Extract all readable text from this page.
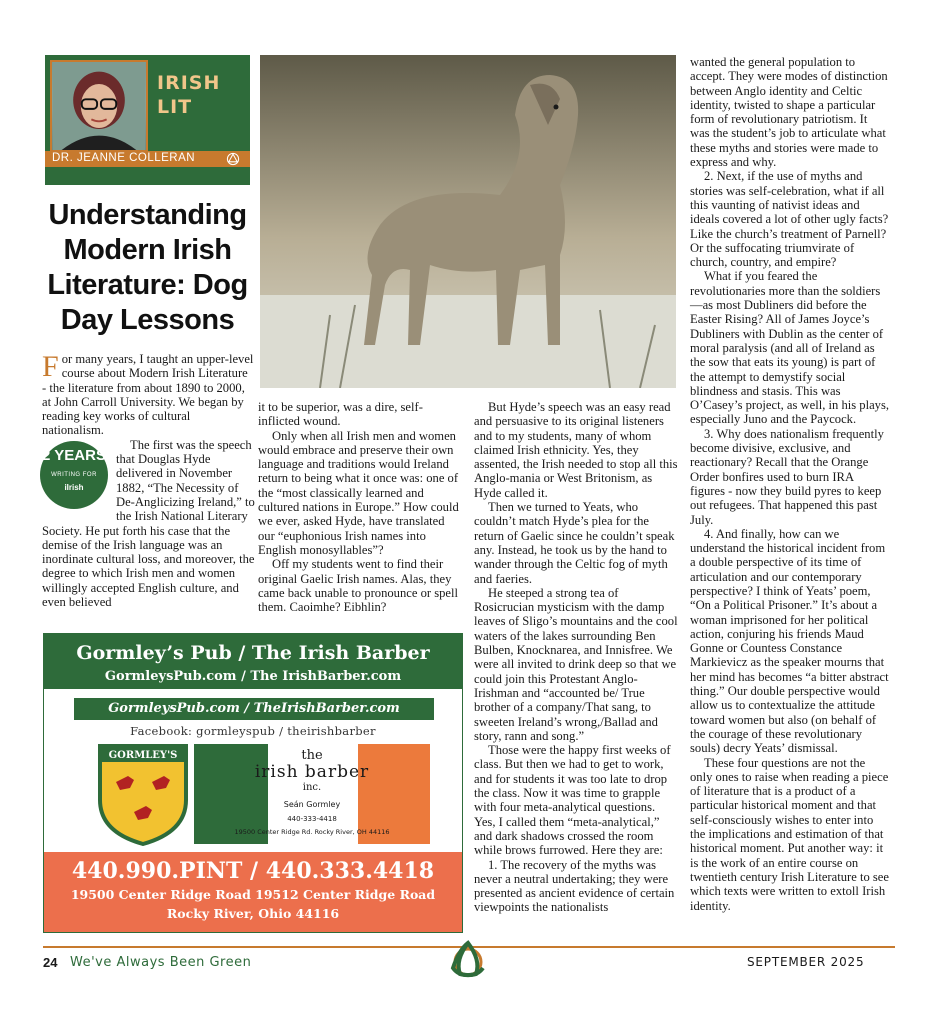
IRISH
LIT
DR. JEANNE COLLERAN
Understanding Modern Irish Literature: Dog Day Lessons

For many years, I taught an upper-level course about Modern Irish Literature - the literature from about 1890 to 2000, at John Carroll University. We began by reading key works of cultural nationalism.

2 YEARS
WRITING FOR
iIrish

The first was the speech that Douglas Hyde delivered in November 1882, “The Necessity of De-Anglicizing Ireland,” to the Irish National Literary Society. He put forth his case that the demise of the Irish language was an inordinate cultural loss, and moreover, the degree to which Irish men and women willingly accepted English culture, and even believed

it to be superior, was a dire, self-inflicted wound.

Only when all Irish men and women would embrace and preserve their own language and traditions would Ireland return to being what it once was: one of the “most classically learned and cultured nations in Europe.” How could we ever, asked Hyde, have translated our “euphonious Irish names into English monosyllables”?

Off my students went to find their original Gaelic Irish names. Alas, they came back unable to pronounce or spell them. Caoimhe? Eibhlin?

But Hyde’s speech was an easy read and persuasive to its original listeners and to my students, many of whom claimed Irish ethnicity. Yes, they assented, the Irish needed to stop all this Anglo-mania or West Britonism, as Hyde called it.

Then we turned to Yeats, who couldn’t match Hyde’s plea for the return of Gaelic since he couldn’t speak any. Instead, he took us by the hand to wander through the Celtic fog of myth and faeries.

He steeped a strong tea of Rosicrucian mysticism with the damp leaves of Sligo’s mountains and the cool waters of the lakes surrounding Ben Bulben, Knocknarea, and Innisfree. We were all invited to drink deep so that we could join this Protestant Anglo-Irishman and “accounted be/ True brother of a company/That sang, to sweeten Ireland’s wrong,/Ballad and story, rann and song.”

Those were the happy first weeks of class. But then we had to get to work, and for students it was too late to drop the class. Now it was time to grapple with four meta-analytical questions. Yes, I called them “meta-analytical,” and dark shadows crossed the room while brows furrowed. Here they are:

1. The recovery of the myths was never a neutral undertaking; they were presented as ancient evidence of certain viewpoints the nationalists

wanted the general population to accept. They were modes of distinction between Anglo identity and Celtic identity, twisted to shape a particular form of revolutionary patriotism. It was the student’s job to articulate what these myths and stories were made to express and why.

2. Next, if the use of myths and stories was self-celebration, what if all this vaunting of nativist ideas and ideals covered a lot of other ugly facts? Like the church’s treatment of Parnell? Or the suffocating triumvirate of church, country, and empire?

What if you feared the revolutionaries more than the soldiers—as most Dubliners did before the Easter Rising? All of James Joyce’s Dubliners with Dublin as the center of moral paralysis (and all of Ireland as the sow that eats its young) is part of the attempt to demystify social blindness and stasis. This was O’Casey’s project, as well, in his plays, especially Juno and the Paycock.

3. Why does nationalism frequently become divisive, exclusive, and reactionary? Recall that the Orange Order bonfires used to burn IRA figures - now they build pyres to keep out refugees. That happened this past July.

4. And finally, how can we understand the historical incident from a double perspective of its time of articulation and our contemporary perspective? I think of Yeats’ poem, “On a Political Prisoner.” It’s about a woman imprisoned for her political action, conjuring his friends Maud Gonne or Countess Constance Markievicz as the speaker mourns that her mind has becomes “a bitter abstract thing.” Our double perspective would allow us to contextualize the attitude toward women but also (on behalf of the courage of these revolutionary souls) decry Yeats’ dismissal.

These four questions are not the only ones to raise when reading a piece of literature that is a product of a particular historical moment and that self-consciously wishes to enter into the implications and estimation of that historical moment. Put another way: it is the work of an entire course on twentieth century Irish Literature to see which texts were written to extoll Irish identity.

Gormley’s Pub / The Irish Barber
GormleysPub.com / The IrishBarber.com
GormleysPub.com / TheIrishBarber.com
Facebook: gormleyspub / theirishbarber
GORMLEY'S	the
irish barber
inc.
Seán Gormley
440-333-4418
19500 Center Ridge Rd. Rocky River, OH 44116
440.990.PINT / 440.333.4418
19500 Center Ridge Road 19512 Center Ridge Road
Rocky River, Ohio 44116
24 We've Always Been Green	SEPTEMBER 2025
